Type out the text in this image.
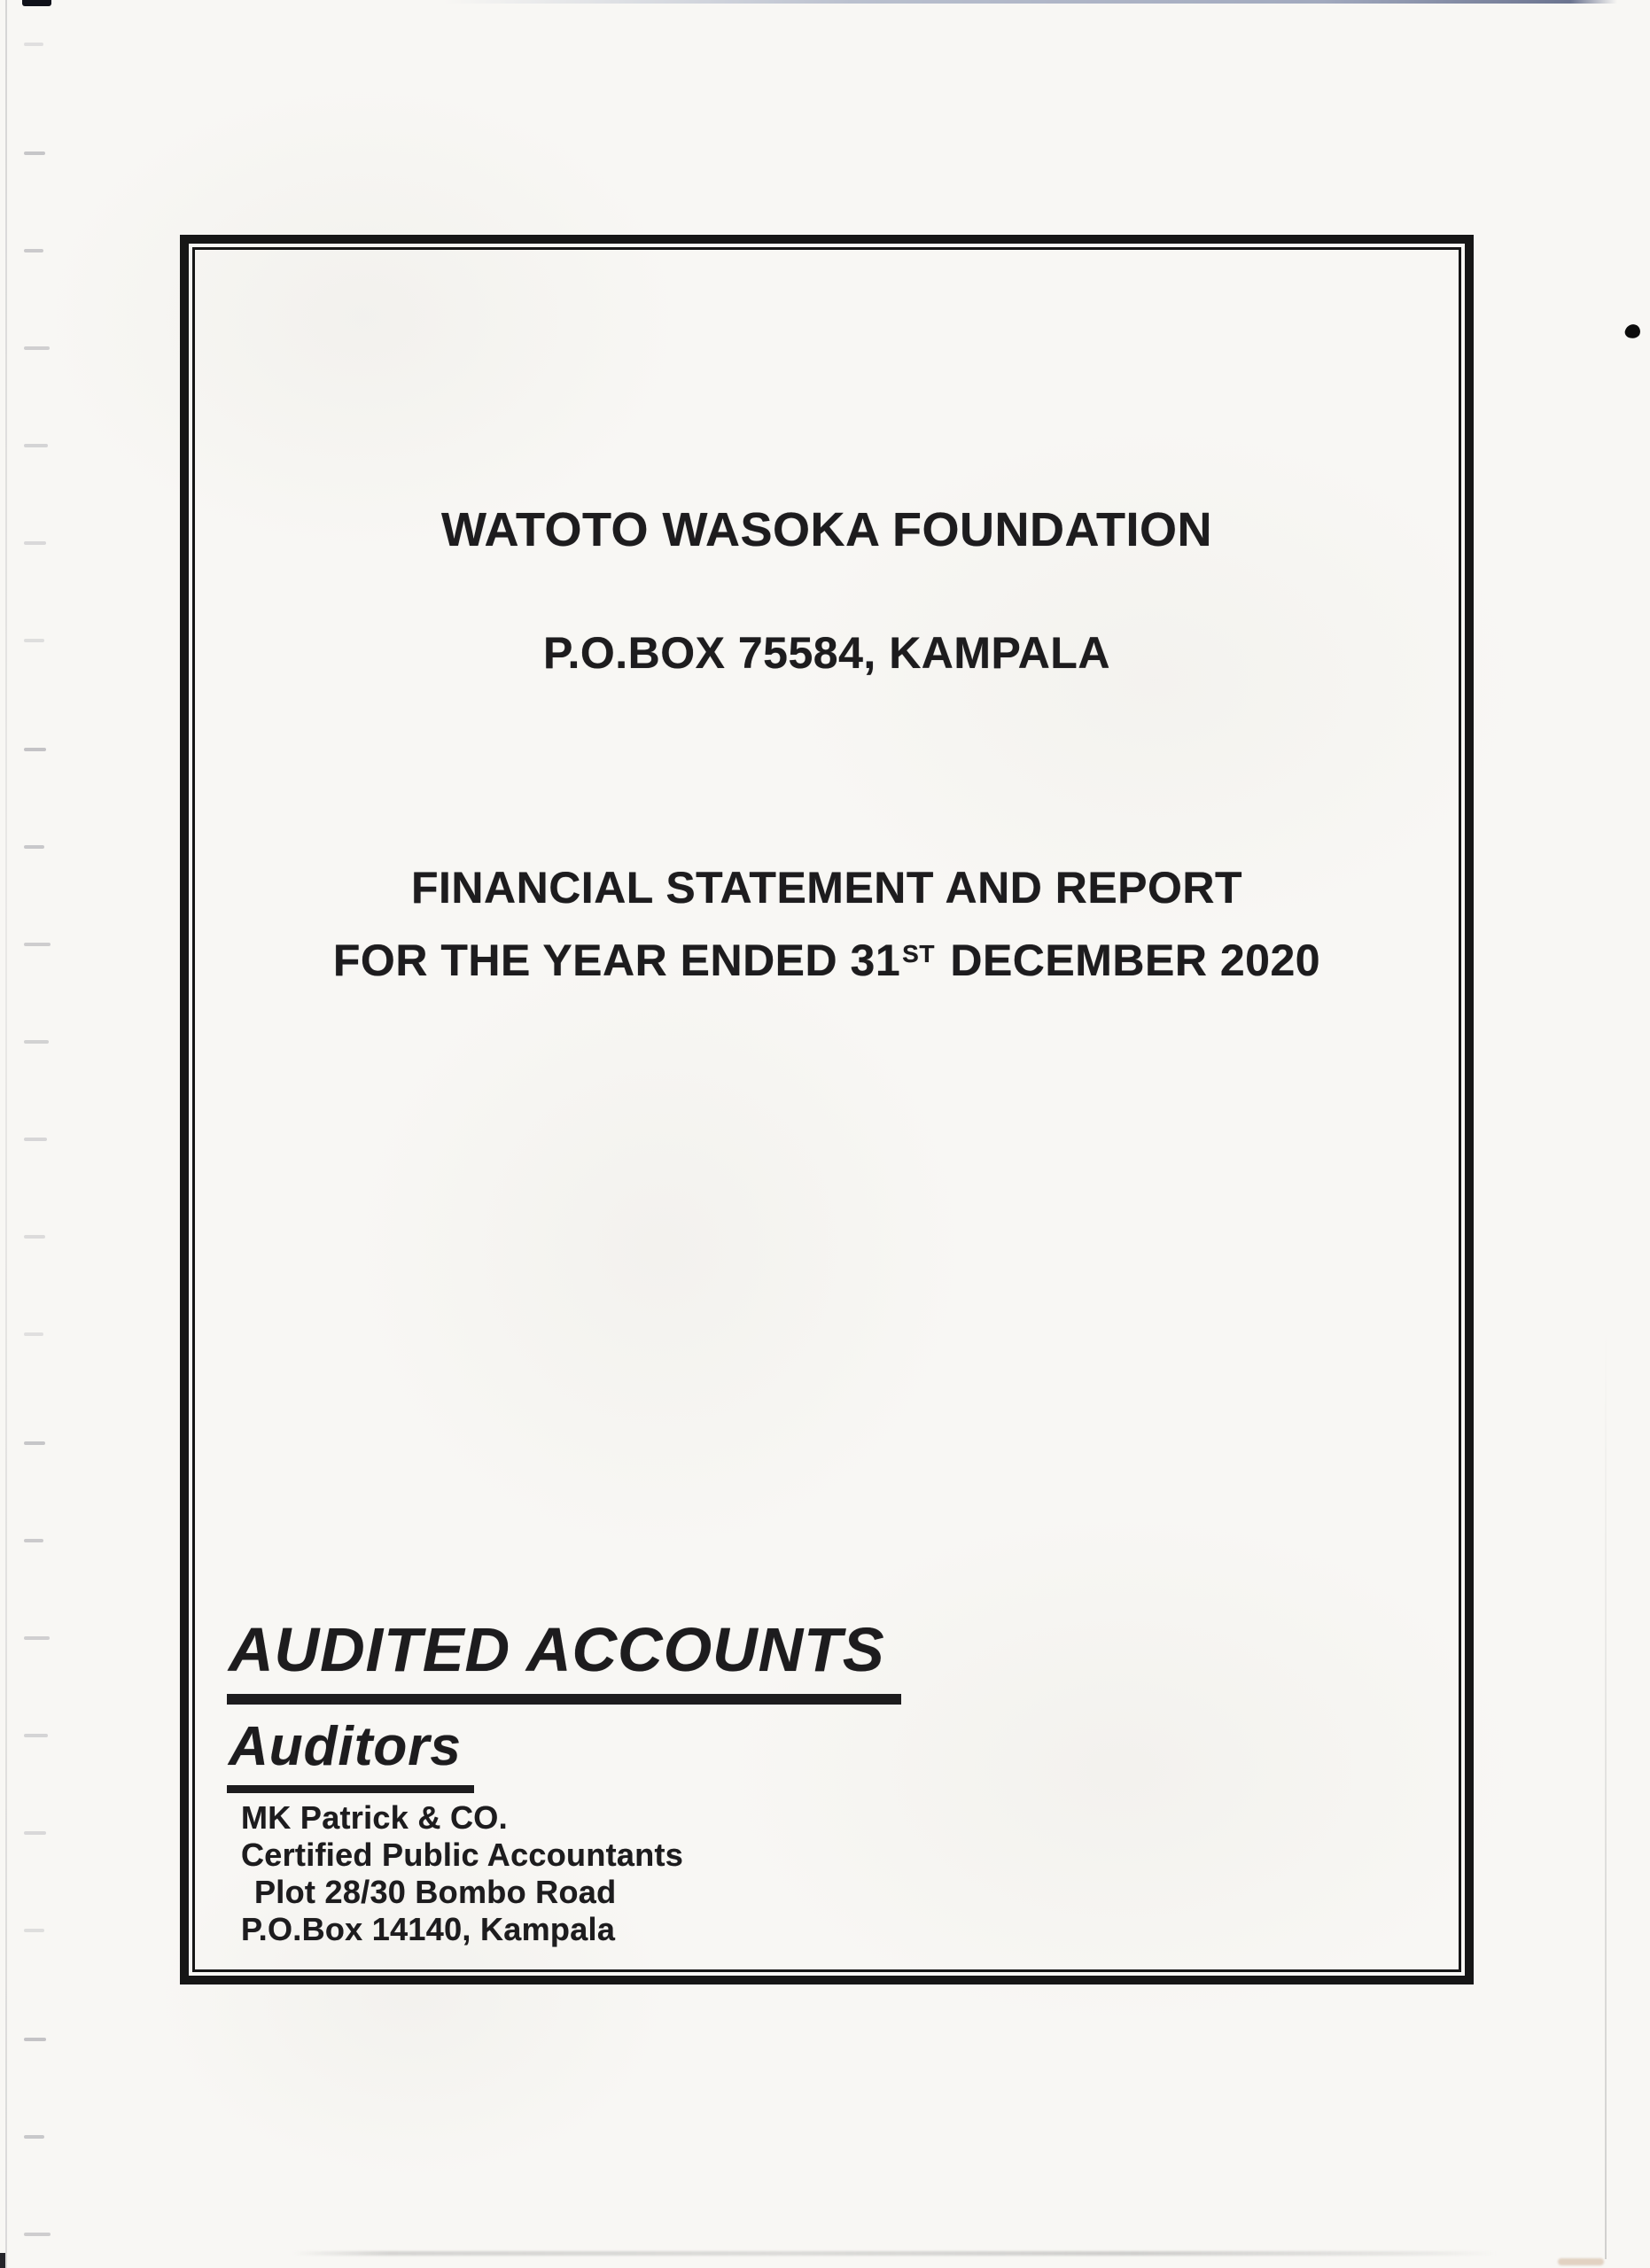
WATOTO WASOKA FOUNDATION
P.O.BOX 75584, KAMPALA
FINANCIAL STATEMENT AND REPORT
FOR THE YEAR ENDED 31ST DECEMBER 2020
AUDITED ACCOUNTS
Auditors
MK Patrick & CO.
Certified Public Accountants
Plot 28/30 Bombo Road
P.O.Box 14140, Kampala
